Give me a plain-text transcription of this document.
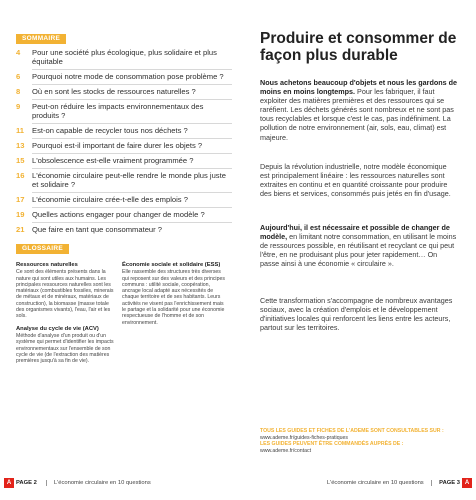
SOMMAIRE
4	Pour une société plus écologique, plus solidaire et plus équitable
6	Pourquoi notre mode de consommation pose problème ?
8	Où en sont les stocks de ressources naturelles ?
9	Peut-on réduire les impacts environnementaux des produits ?
11	Est-on capable de recycler tous nos déchets ?
13 Pourquoi est-il important de faire durer les objets ?
15 L'obsolescence est-elle vraiment programmée ?
16 L'économie circulaire peut-elle rendre le monde plus juste et solidaire ?
17 L'économie circulaire crée-t-elle des emplois ?
19 Quelles actions engager pour changer de modèle ?
21 Que faire en tant que consommateur ?
GLOSSAIRE
Ressources naturelles
Ce sont des éléments présents dans la nature qui sont utiles aux humains. Les principales ressources naturelles sont les matériaux (combustibles fossiles, minerais de métaux et de minéraux, matériaux de construction), la biomasse (masse totale des organismes vivants), l'eau, l'air et les sols.
Analyse du cycle de vie (ACV)
Méthode d'analyse d'un produit ou d'un système qui permet d'identifier les impacts environnementaux sur l'ensemble de son cycle de vie (de l'extraction des matières premières jusqu'à sa fin de vie).
Économie sociale et solidaire (ESS)
Elle rassemble des structures très diverses qui reposent sur des valeurs et des principes communs : utilité sociale, coopération, ancrage local adapté aux nécessités de chaque territoire et de ses habitants. Leurs activités ne visent pas l'enrichissement mais le partage et la solidarité pour une économie respectueuse de l'homme et de son environnement.
A PAGE 2	L'économie circulaire en 10 questions
Produire et consommer de façon plus durable
Nous achetons beaucoup d'objets et nous les gardons de moins en moins longtemps. Pour les fabriquer, il faut exploiter des matières premières et des ressources qui se raréfient. Les déchets générés sont nombreux et ne sont pas tous recyclables et lorsque c'est le cas, pas indéfiniment. La pollution de notre environnement (air, sols, eau, climat) est majeure.
Depuis la révolution industrielle, notre modèle économique est principalement linéaire : les ressources naturelles sont extraites en continu et en quantité croissante pour produire des biens et services, consommés puis jetés en fin d'usage.
Aujourd'hui, il est nécessaire et possible de changer de modèle, en limitant notre consommation, en utilisant le moins de ressources possible, en réutilisant et recyclant ce qui peut l'être, en ne produisant plus pour jeter rapidement… On passe ainsi à une économie « circulaire ».
Cette transformation s'accompagne de nombreux avantages sociaux, avec la création d'emplois et le développement d'initiatives locales qui renforcent les liens entre les acteurs, partout sur les territoires.
TOUS LES GUIDES ET FICHES DE L'ADEME SONT CONSULTABLES SUR :
www.ademe.fr/guides-fiches-pratiques
LES GUIDES PEUVENT ÊTRE COMMANDÉS AUPRÈS DE :
www.ademe.fr/contact
L'économie circulaire en 10 questions	PAGE 3 A
